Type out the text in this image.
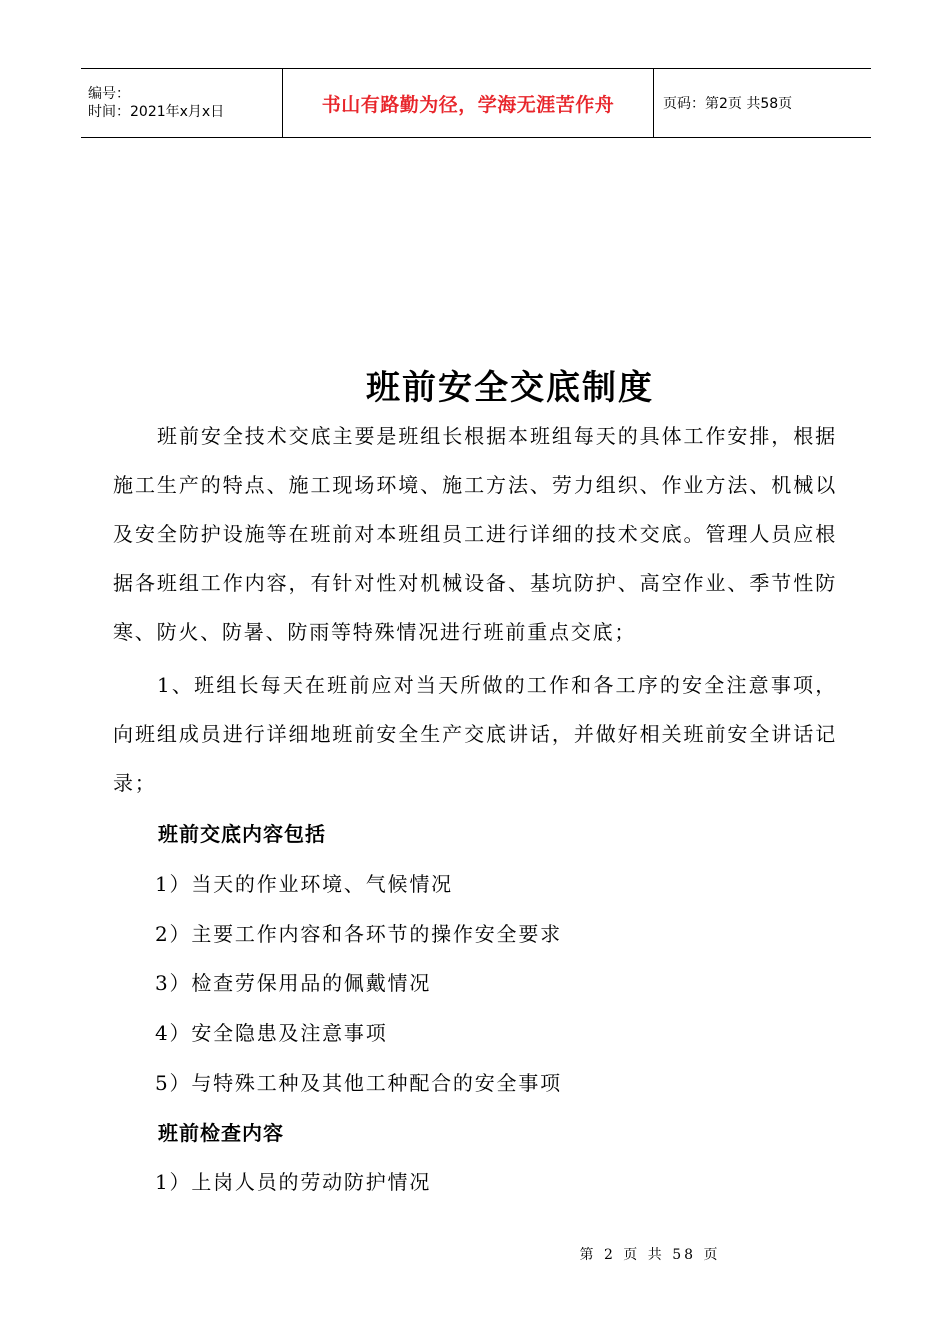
编号：
时间：2021年x月x日	书山有路勤为径，学海无涯苦作舟	页码：第2页 共58页
班前安全交底制度

班前安全技术交底主要是班组长根据本班组每天的具体工作安排，根据施工生产的特点、施工现场环境、施工方法、劳力组织、作业方法、机械以及安全防护设施等在班前对本班组员工进行详细的技术交底。管理人员应根据各班组工作内容，有针对性对机械设备、基坑防护、高空作业、季节性防寒、防火、防暑、防雨等特殊情况进行班前重点交底；

1、班组长每天在班前应对当天所做的工作和各工序的安全注意事项，向班组成员进行详细地班前安全生产交底讲话，并做好相关班前安全讲话记录；

班前交底内容包括
1）当天的作业环境、气候情况
2）主要工作内容和各环节的操作安全要求
3）检查劳保用品的佩戴情况
4）安全隐患及注意事项
5）与特殊工种及其他工种配合的安全事项
班前检查内容
1）上岗人员的劳动防护情况
第 2 页 共 58 页
